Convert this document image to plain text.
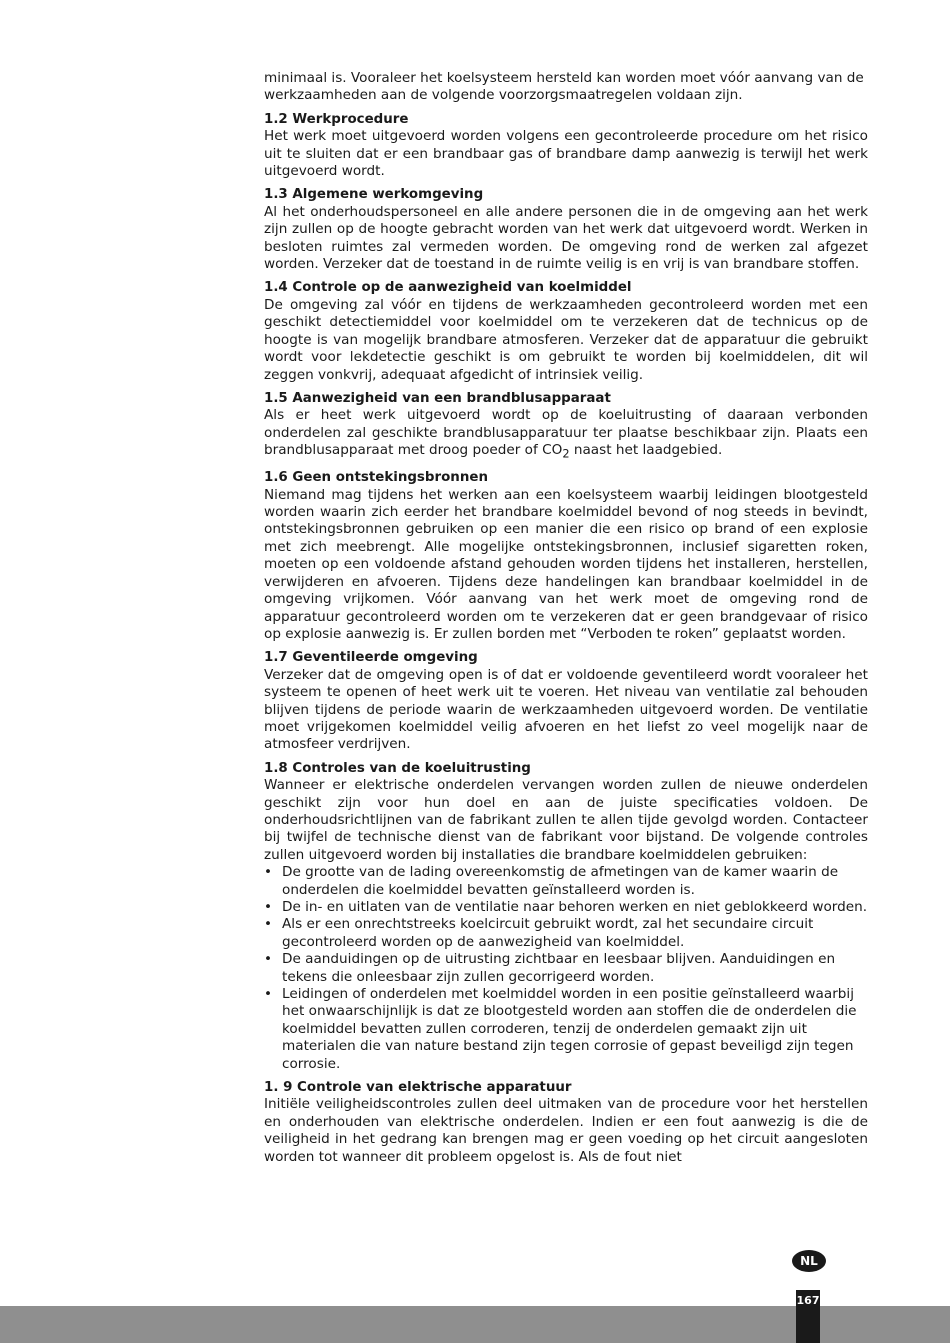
minimaal is. Vooraleer het koelsysteem hersteld kan worden moet vóór aanvang van de werkzaamheden aan de volgende voorzorgsmaatregelen voldaan zijn.

1.2 Werkprocedure

Het werk moet uitgevoerd worden volgens een gecontroleerde procedure om het risico uit te sluiten dat er een brandbaar gas of brandbare damp aanwezig is terwijl het werk uitgevoerd wordt.

1.3 Algemene werkomgeving

Al het onderhoudspersoneel en alle andere personen die in de omgeving aan het werk zijn zullen op de hoogte gebracht worden van het werk dat uitgevoerd wordt. Werken in besloten ruimtes zal vermeden worden. De omgeving rond de werken zal afgezet worden. Verzeker dat de toestand in de ruimte veilig is en vrij is van brandbare stoffen.

1.4 Controle op de aanwezigheid van koelmiddel

De omgeving zal vóór en tijdens de werkzaamheden gecontroleerd worden met een geschikt detectiemiddel voor koelmiddel om te verzekeren dat de technicus op de hoogte is van mogelijk brandbare atmosferen. Verzeker dat de apparatuur die gebruikt wordt voor lekdetectie geschikt is om gebruikt te worden bij koelmiddelen, dit wil zeggen vonkvrij, adequaat afgedicht of intrinsiek veilig.

1.5 Aanwezigheid van een brandblusapparaat

Als er heet werk uitgevoerd wordt op de koeluitrusting of daaraan verbonden onderdelen zal geschikte brandblusapparatuur ter plaatse beschikbaar zijn. Plaats een brandblusapparaat met droog poeder of $CO_2$ naast het laadgebied.

1.6 Geen ontstekingsbronnen

Niemand mag tijdens het werken aan een koelsysteem waarbij leidingen blootgesteld worden waarin zich eerder het brandbare koelmiddel bevond of nog steeds in bevindt, ontstekingsbronnen gebruiken op een manier die een risico op brand of een explosie met zich meebrengt. Alle mogelijke ontstekingsbronnen, inclusief sigaretten roken, moeten op een voldoende afstand gehouden worden tijdens het installeren, herstellen, verwijderen en afvoeren. Tijdens deze handelingen kan brandbaar koelmiddel in de omgeving vrijkomen. Vóór aanvang van het werk moet de omgeving rond de apparatuur gecontroleerd worden om te verzekeren dat er geen brandgevaar of risico op explosie aanwezig is. Er zullen borden met “Verboden te roken” geplaatst worden.

1.7 Geventileerde omgeving

Verzeker dat de omgeving open is of dat er voldoende geventileerd wordt vooraleer het systeem te openen of heet werk uit te voeren. Het niveau van ventilatie zal behouden blijven tijdens de periode waarin de werkzaamheden uitgevoerd worden. De ventilatie moet vrijgekomen koelmiddel veilig afvoeren en het liefst zo veel mogelijk naar de atmosfeer verdrijven.

1.8 Controles van de koeluitrusting

Wanneer er elektrische onderdelen vervangen worden zullen de nieuwe onderdelen geschikt zijn voor hun doel en aan de juiste specificaties voldoen. De onderhoudsrichtlijnen van de fabrikant zullen te allen tijde gevolgd worden. Contacteer bij twijfel de technische dienst van de fabrikant voor bijstand. De volgende controles zullen uitgevoerd worden bij installaties die brandbare koelmiddelen gebruiken:

• De grootte van de lading overeenkomstig de afmetingen van de kamer waarin de onderdelen die koelmiddel bevatten geïnstalleerd worden is.
• De in- en uitlaten van de ventilatie naar behoren werken en niet geblokkeerd worden.
• Als er een onrechtstreeks koelcircuit gebruikt wordt, zal het secundaire circuit gecontroleerd worden op de aanwezigheid van koelmiddel.
• De aanduidingen op de uitrusting zichtbaar en leesbaar blijven. Aanduidingen en tekens die onleesbaar zijn zullen gecorrigeerd worden.
• Leidingen of onderdelen met koelmiddel worden in een positie geïnstalleerd waarbij het onwaarschijnlijk is dat ze blootgesteld worden aan stoffen die de onderdelen die koelmiddel bevatten zullen corroderen, tenzij de onderdelen gemaakt zijn uit materialen die van nature bestand zijn tegen corrosie of gepast beveiligd zijn tegen corrosie.
1. 9 Controle van elektrische apparatuur

Initiële veiligheidscontroles zullen deel uitmaken van de procedure voor het herstellen en onderhouden van elektrische onderdelen. Indien er een fout aanwezig is die de veiligheid in het gedrang kan brengen mag er geen voeding op het circuit aangesloten worden tot wanneer dit probleem opgelost is. Als de fout niet

NL
167
